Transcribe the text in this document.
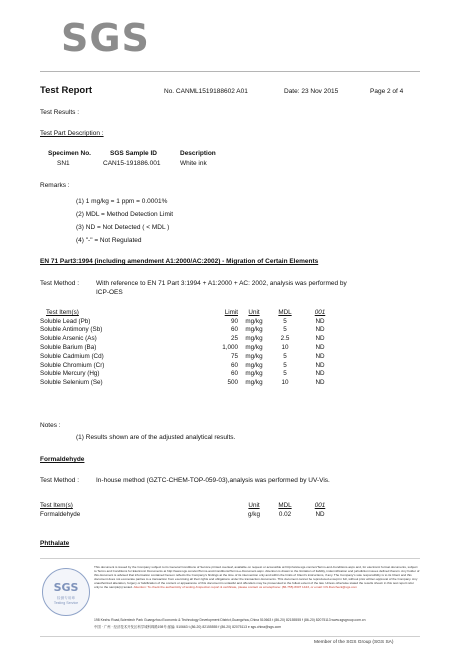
SGS
Test Report	No. CANML1519188602 A01	Date: 23 Nov 2015	Page 2 of 4
Test Results :
Test Part Description :
Specimen No.	SGS Sample ID	Description
SN1	CAN15-191886.001	White ink
Remarks :
(1) 1 mg/kg = 1 ppm = 0.0001%
(2) MDL = Method Detection Limit
(3) ND = Not Detected ( < MDL )
(4) "-" = Not Regulated
EN 71 Part3:1994 (including amendment A1:2000/AC:2002) - Migration of Certain Elements
Test Method :	With reference to EN 71 Part 3:1994 + A1:2000 + AC: 2002, analysis was performed by
ICP-OES
Test Item(s)	Limit	Unit	MDL	001
Soluble Lead (Pb)	90	mg/kg	5	ND
Soluble Antimony (Sb)	60	mg/kg	5	ND
Soluble Arsenic (As)	25	mg/kg	2.5	ND
Soluble Barium (Ba)	1,000	mg/kg	10	ND
Soluble Cadmium (Cd)	75	mg/kg	5	ND
Soluble Chromium (Cr)	60	mg/kg	5	ND
Soluble Mercury (Hg)	60	mg/kg	5	ND
Soluble Selenium (Se)	500	mg/kg	10	ND
Notes :
(1) Results shown are of the adjusted analytical results.
Formaldehyde
Test Method :	In-house method (GZTC-CHEM-TOP-059-03),analysis was performed by UV-Vis.
Test Item(s)	Unit	MDL	001
Formaldehyde	g/kg	0.02	ND
Phthalate
SGS
检测专用章
Testing Service
This document is issued by the Company subject to its General Conditions of Service printed overleaf, available on request or accessible at http://www.sgs.com/en/Terms-and-Conditions.aspx and, for electronic format documents, subject to Terms and Conditions for Electronic Documents at http://www.sgs.com/en/Terms-and-Conditions/Terms-e-Document.aspx. Attention is drawn to the limitation of liability, indemnification and jurisdiction issues defined therein. Any holder of this document is advised that information contained hereon reflects the Company's findings at the time of its intervention only and within the limits of Client's instructions, if any. The Company's sole responsibility is to its Client and this document does not exonerate parties to a transaction from exercising all their rights and obligations under the transaction documents. This document cannot be reproduced except in full, without prior written approval of the Company. Any unauthorized alteration, forgery or falsification of the content or appearance of this document is unlawful and offenders may be prosecuted to the fullest extent of the law. Unless otherwise stated the results shown in this test report refer only to the sample(s) tested. Attention: To check the authenticity of testing /inspection report & certificate, please contact us at telephone: (86-755) 8307 1443, or email: CN.Doccheck@sgs.com
198 Kezhu Road,Scientech Park Guangzhou Economic & Technology Development District,Guangzhou,China 510663 t (86-20) 82155555 f (86-20) 82075113 www.sgsgroup.com.cn
中国 · 广州 · 经济技术开发区科学城科珠路198号 邮编: 510663 t (86-20) 82155555 f (86-20) 82075113 e sgs.china@sgs.com
Member of the SGS Group (SGS SA)
